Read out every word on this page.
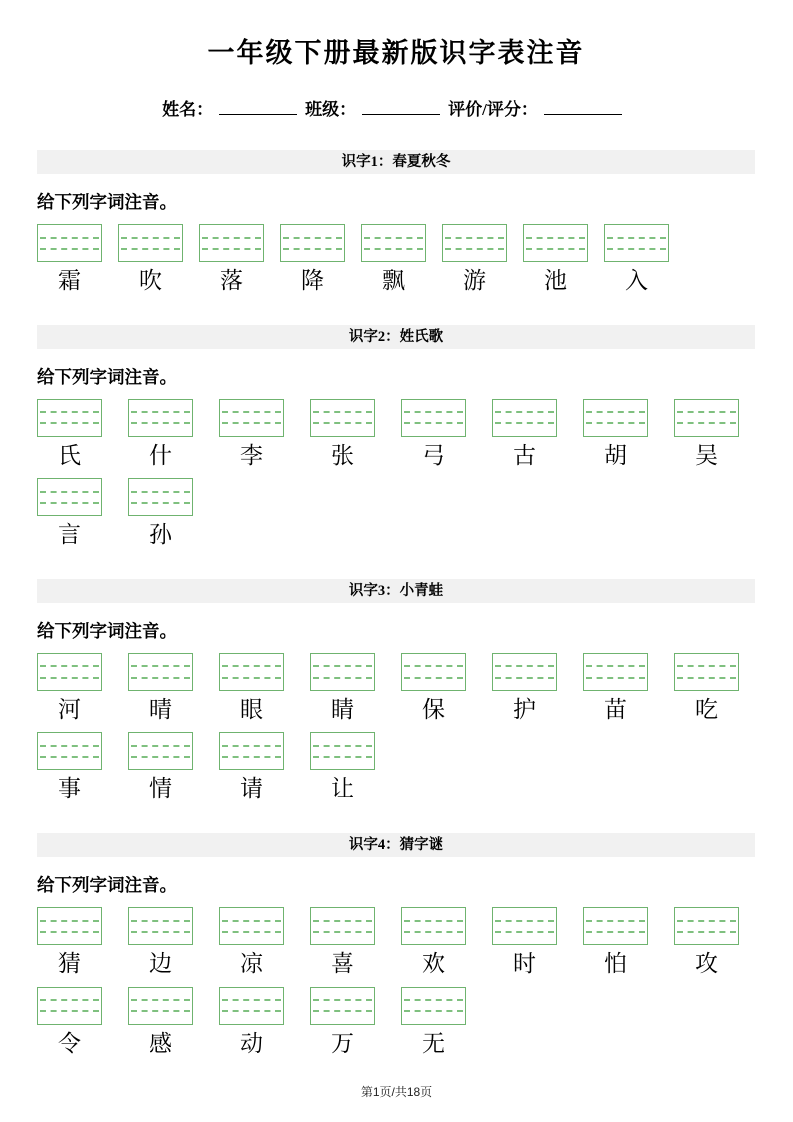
一年级下册最新版识字表注音
姓名：	班级：	评价/评分：
识字1：春夏秋冬
给下列字词注音。
霜	吹	落	降	飘	游	池	入
识字2：姓氏歌
给下列字词注音。
氏	什	李	张	弓	古	胡	吴
言	孙
识字3：小青蛙
给下列字词注音。
河	晴	眼	睛	保	护	苗	吃
事	情	请	让
识字4：猜字谜
给下列字词注音。
猜	边	凉	喜	欢	时	怕	攻
令	感	动	万	无
第1页/共18页
